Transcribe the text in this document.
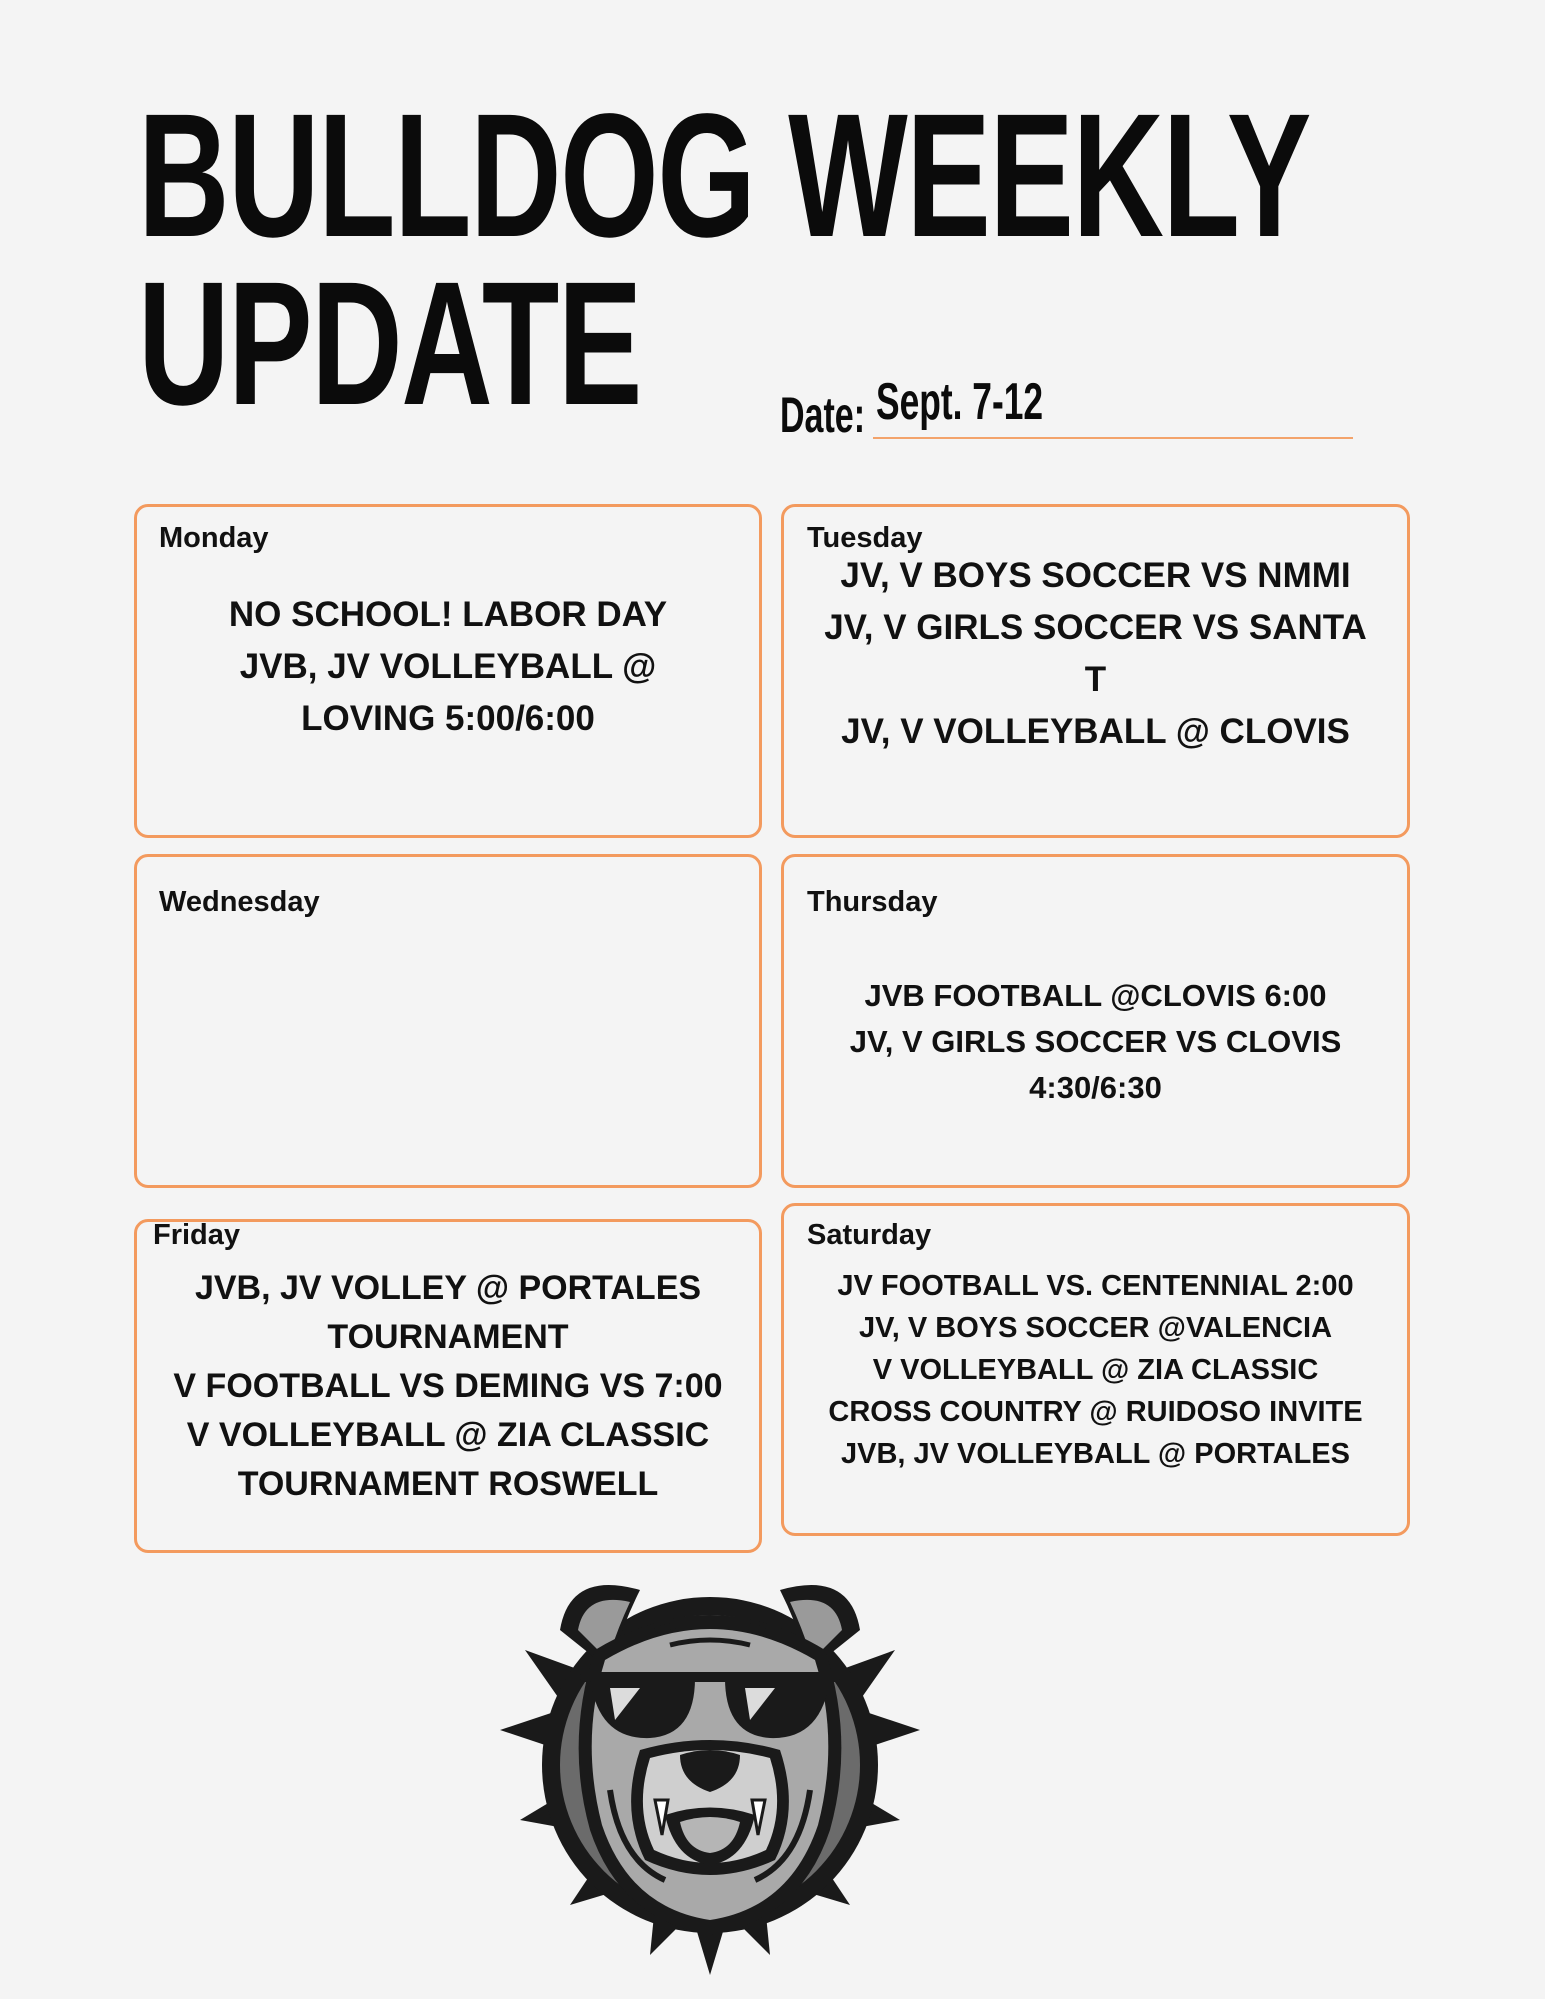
BULLDOG WEEKLY
UPDATE	Date: Sept. 7-12
Monday
NO SCHOOL! LABOR DAY
JVB, JV VOLLEYBALL @
LOVING 5:00/6:00
Tuesday
JV, V BOYS SOCCER VS NMMI
JV, V GIRLS SOCCER VS SANTA
T
JV, V VOLLEYBALL @ CLOVIS
Wednesday	Thursday
JVB FOOTBALL @CLOVIS 6:00
JV, V GIRLS SOCCER VS CLOVIS
4:30/6:30
Friday
JVB, JV VOLLEY @ PORTALES
TOURNAMENT
V FOOTBALL VS DEMING VS 7:00
V VOLLEYBALL @ ZIA CLASSIC
TOURNAMENT ROSWELL
Saturday
JV FOOTBALL VS. CENTENNIAL 2:00
JV, V BOYS SOCCER @VALENCIA
V VOLLEYBALL @ ZIA CLASSIC
CROSS COUNTRY @ RUIDOSO INVITE
JVB, JV VOLLEYBALL @ PORTALES
